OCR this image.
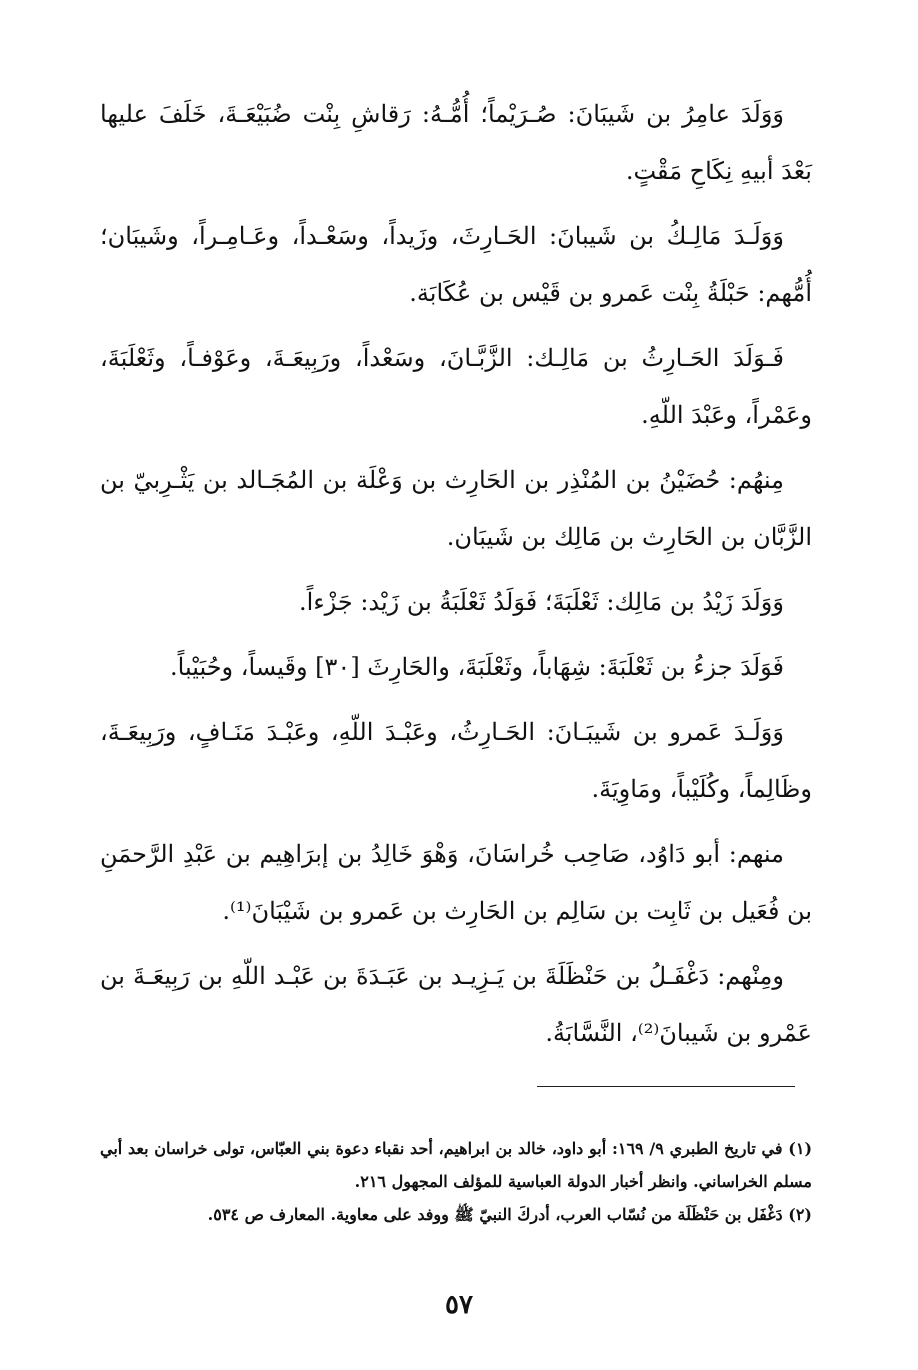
وَوَلَدَ عامِرُ بن شَيبَانَ: صُـرَيْماً؛ أُمُّـهُ: رَقاشِ بِنْت ضُبَيْعَـةَ، خَلَفَ عليها بَعْدَ أبيهِ نِكَاحِ مَقْتٍ.

وَوَلَـدَ مَالِـكُ بن شَيبانَ: الحَـارِثَ، وزَيداً، وسَعْـداً، وعَـامِـراً، وشَيبَان؛ أُمُّهم: حَبْلَةُ بِنْت عَمرو بن قَيْس بن عُكَابَة.

فَـوَلَدَ الحَـارِثُ بن مَالِـك: الزَّبَّـانَ، وسَعْداً، ورَبِيعَـةَ، وعَوْفـاً، وثَعْلَبَةَ، وعَمْراً، وعَبْدَ اللّهِ.

مِنهُم: حُضَيْنُ بن المُنْذِر بن الحَارِث بن وَعْلَة بن المُجَـالد بن يَثْـرِبيّ بن الزَّبَّان بن الحَارِث بن مَالِك بن شَيبَان.

وَوَلَدَ زَيْدُ بن مَالِك: ثَعْلَبَةَ؛ فَوَلَدُ ثَعْلَبَةُ بن زَيْد: جَزْءاً.

فَوَلَدَ جزءُ بن ثَعْلَبَةَ: شِهَاباً، وثَعْلَبَةَ، والحَارِثَ [٣٠] وقَيساً، وحُبَيْباً.

وَوَلَـدَ عَمرو بن شَيبَـانَ: الحَـارِثُ، وعَبْـدَ اللّهِ، وعَبْـدَ مَنَـافٍ، ورَبِيعَـةَ، وظَالِماً، وكُلَيْباً، ومَاوِيَةَ.

منهم: أبو دَاوُد، صَاحِب خُراسَانَ، وَهْوَ خَالِدُ بن إبرَاهِيم بن عَبْدِ الرَّحمَنِ بن فُعَيل بن ثَابِت بن سَالِم بن الحَارِث بن عَمرو بن شَيْبَانَ⁽¹⁾.

ومِنْهم: دَغْفَـلُ بن حَنْظَلَةَ بن يَـزِيـد بن عَبَـدَةَ بن عَبْـد اللّهِ بن رَبِيعَـةَ بن عَمْرو بن شَيبانَ⁽²⁾، النَّسَّابَةُ.

(١) في تاريخ الطبري ٩/ ١٦٩: أبو داود، خالد بن ابراهيم، أحد نقباء دعوة بني العبّاس، تولى خراسان بعد أبي مسلم الخراساني. وانظر أخبار الدولة العباسية للمؤلف المجهول ٢١٦.

(٢) دَغْفَل بن حَنْظَلَة من نُسّاب العرب، أدركَ النبيّ ﷺ ووفد على معاوية. المعارف ص ٥٣٤.

٥٧
